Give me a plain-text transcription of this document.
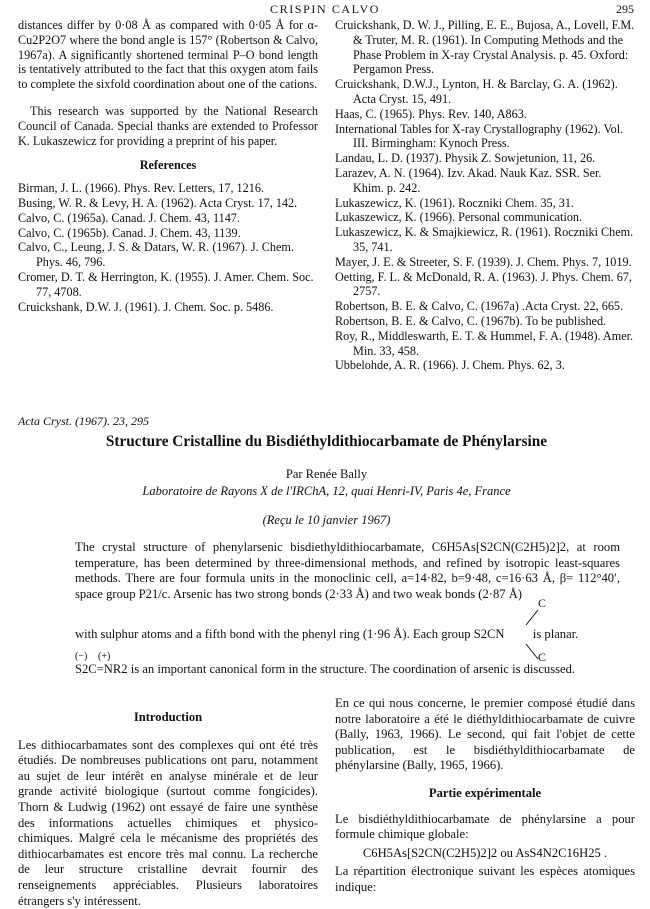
CRISPIN CALVO	295

distances differ by 0·08 Å as compared with 0·05 Å for α-Cu2P2O7 where the bond angle is 157° (Robertson & Calvo, 1967a). A significantly shortened terminal P–O bond length is tentatively attributed to the fact that this oxygen atom fails to complete the sixfold coordination about one of the cations.

This research was supported by the National Research Council of Canada. Special thanks are extended to Professor K. Lukaszewicz for providing a preprint of his paper.

References

Birman, J. L. (1966). Phys. Rev. Letters, 17, 1216.

Busing, W. R. & Levy, H. A. (1962). Acta Cryst. 17, 142.

Calvo, C. (1965a). Canad. J. Chem. 43, 1147.

Calvo, C. (1965b). Canad. J. Chem. 43, 1139.

Calvo, C., Leung, J. S. & Datars, W. R. (1967). J. Chem. Phys. 46, 796.

Cromer, D. T. & Herrington, K. (1955). J. Amer. Chem. Soc. 77, 4708.

Cruickshank, D.W. J. (1961). J. Chem. Soc. p. 5486.

Cruickshank, D. W. J., Pilling, E. E., Bujosa, A., Lovell, F.M. & Truter, M. R. (1961). In Computing Methods and the Phase Problem in X-ray Crystal Analysis. p. 45. Oxford: Pergamon Press.

Cruickshank, D.W.J., Lynton, H. & Barclay, G. A. (1962). Acta Cryst. 15, 491.

Haas, C. (1965). Phys. Rev. 140, A863.

International Tables for X-ray Crystallography (1962). Vol. III. Birmingham: Kynoch Press.

Landau, L. D. (1937). Physik Z. Sowjetunion, 11, 26.

Larazev, A. N. (1964). Izv. Akad. Nauk Kaz. SSR. Ser. Khim. p. 242.

Lukaszewicz, K. (1961). Roczniki Chem. 35, 31.

Lukaszewicz, K. (1966). Personal communication.

Lukaszewicz, K. & Smajkiewicz, R. (1961). Roczniki Chem. 35, 741.

Mayer, J. E. & Streeter, S. F. (1939). J. Chem. Phys. 7, 1019.

Oetting, F. L. & McDonald, R. A. (1963). J. Phys. Chem. 67, 2757.

Robertson, B. E. & Calvo, C. (1967a) .Acta Cryst. 22, 665.

Robertson, B. E. & Calvo, C. (1967b). To be published.

Roy, R., Middleswarth, E. T. & Hummel, F. A. (1948). Amer. Min. 33, 458.

Ubbelohde, A. R. (1966). J. Chem. Phys. 62, 3.

Acta Cryst. (1967). 23, 295
Structure Cristalline du Bisdiéthyldithiocarbamate de Phénylarsine
Par Renée Bally
Laboratoire de Rayons X de l'IRChA, 12, quai Henri-IV, Paris 4e, France
(Reçu le 10 janvier 1967)

The crystal structure of phenylarsenic bisdiethyldithiocarbamate, C6H5As[S2CN(C2H5)2]2, at room temperature, has been determined by three-dimensional methods, and refined by isotropic least-squares methods. There are four formula units in the monoclinic cell, a=14·82, b=9·48, c=16·63 Å, β= 112°40′, space group P21/c. Arsenic has two strong bonds (2·33 Å) and two weak bonds (2·87 Å)

C
with sulphur atoms and a fifth bond with the phenyl ring (1·96 Å). Each group S2CN is planar.
C
(−) (+)
S2C=NR2 is an important canonical form in the structure. The coordination of arsenic is discussed.
Introduction

Les dithiocarbamates sont des complexes qui ont été très étudiés. De nombreuses publications ont paru, notamment au sujet de leur intérêt en analyse minérale et de leur grande activité biologique (surtout comme fongicides). Thorn & Ludwig (1962) ont essayé de faire une synthèse des informations actuelles chimiques et physico-chimiques. Malgré cela le mécanisme des propriétés des dithiocarbamates est encore très mal connu. La recherche de leur structure cristalline devrait fournir des renseignements appréciables. Plusieurs laboratoires étrangers s'y intéressent.

En ce qui nous concerne, le premier composé étudié dans notre laboratoire a été le diéthyldithiocarbamate de cuivre (Bally, 1963, 1966). Le second, qui fait l'objet de cette publication, est le bisdiéthyldithiocarbamate de phénylarsine (Bally, 1965, 1966).

Partie expérimentale

Le bisdiéthyldithiocarbamate de phénylarsine a pour formule chimique globale:

C6H5As[S2CN(C2H5)2]2 ou AsS4N2C16H25 .

La répartition électronique suivant les espèces atomiques indique:
